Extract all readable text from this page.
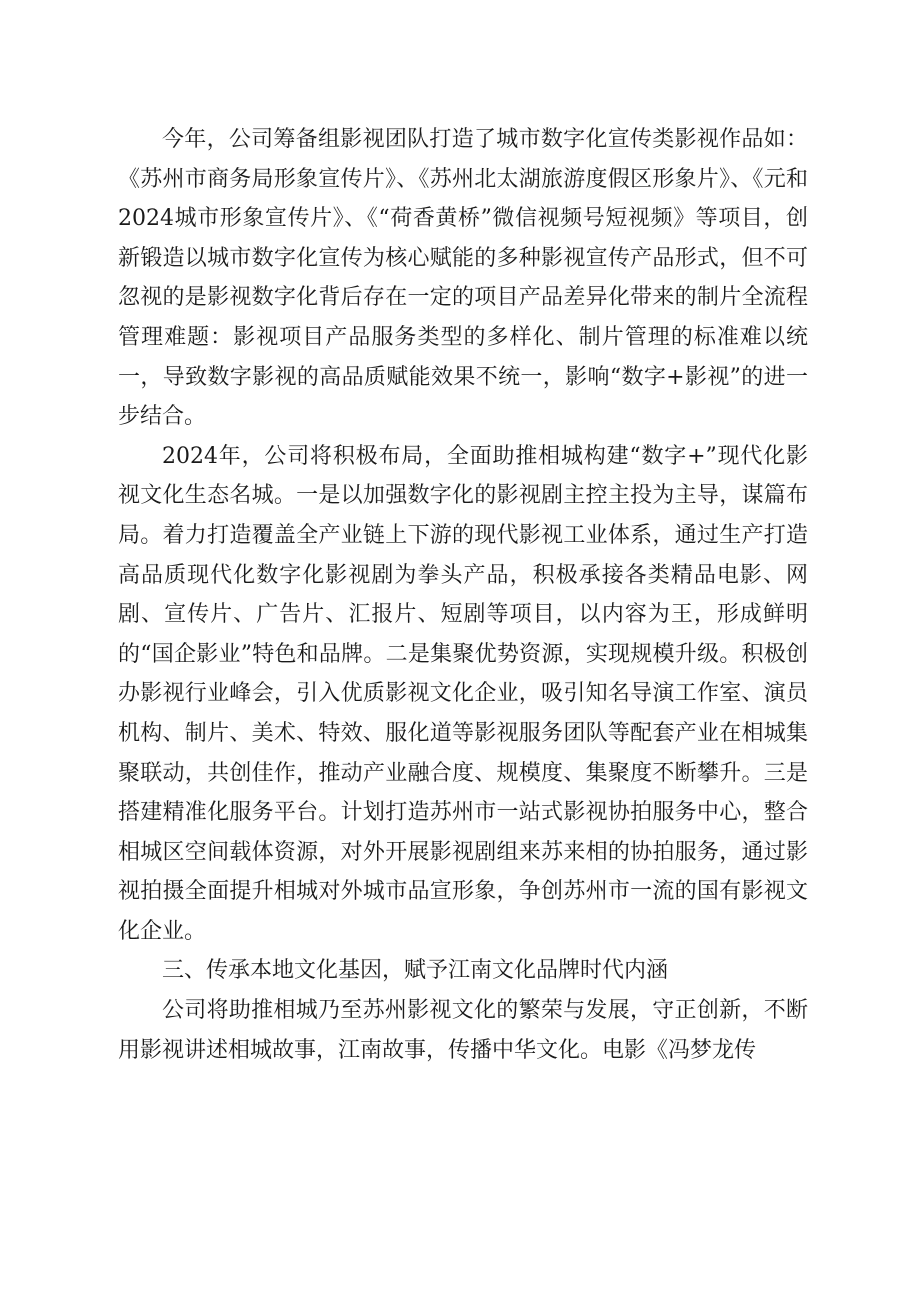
今年，公司筹备组影视团队打造了城市数字化宣传类影视作品如：《苏州市商务局形象宣传片》、《苏州北太湖旅游度假区形象片》、《元和2024城市形象宣传片》、《“荷香黄桥”微信视频号短视频》等项目，创新锻造以城市数字化宣传为核心赋能的多种影视宣传产品形式，但不可忽视的是影视数字化背后存在一定的项目产品差异化带来的制片全流程管理难题：影视项目产品服务类型的多样化、制片管理的标准难以统一，导致数字影视的高品质赋能效果不统一，影响“数字+影视”的进一步结合。

2024年，公司将积极布局，全面助推相城构建“数字+”现代化影视文化生态名城。一是以加强数字化的影视剧主控主投为主导，谋篇布局。着力打造覆盖全产业链上下游的现代影视工业体系，通过生产打造高品质现代化数字化影视剧为拳头产品，积极承接各类精品电影、网剧、宣传片、广告片、汇报片、短剧等项目，以内容为王，形成鲜明的“国企影业”特色和品牌。二是集聚优势资源，实现规模升级。积极创办影视行业峰会，引入优质影视文化企业，吸引知名导演工作室、演员机构、制片、美术、特效、服化道等影视服务团队等配套产业在相城集聚联动，共创佳作，推动产业融合度、规模度、集聚度不断攀升。三是搭建精准化服务平台。计划打造苏州市一站式影视协拍服务中心，整合相城区空间载体资源，对外开展影视剧组来苏来相的协拍服务，通过影视拍摄全面提升相城对外城市品宣形象，争创苏州市一流的国有影视文化企业。

三、传承本地文化基因，赋予江南文化品牌时代内涵

公司将助推相城乃至苏州影视文化的繁荣与发展，守正创新，不断用影视讲述相城故事，江南故事，传播中华文化。电影《冯梦龙传
